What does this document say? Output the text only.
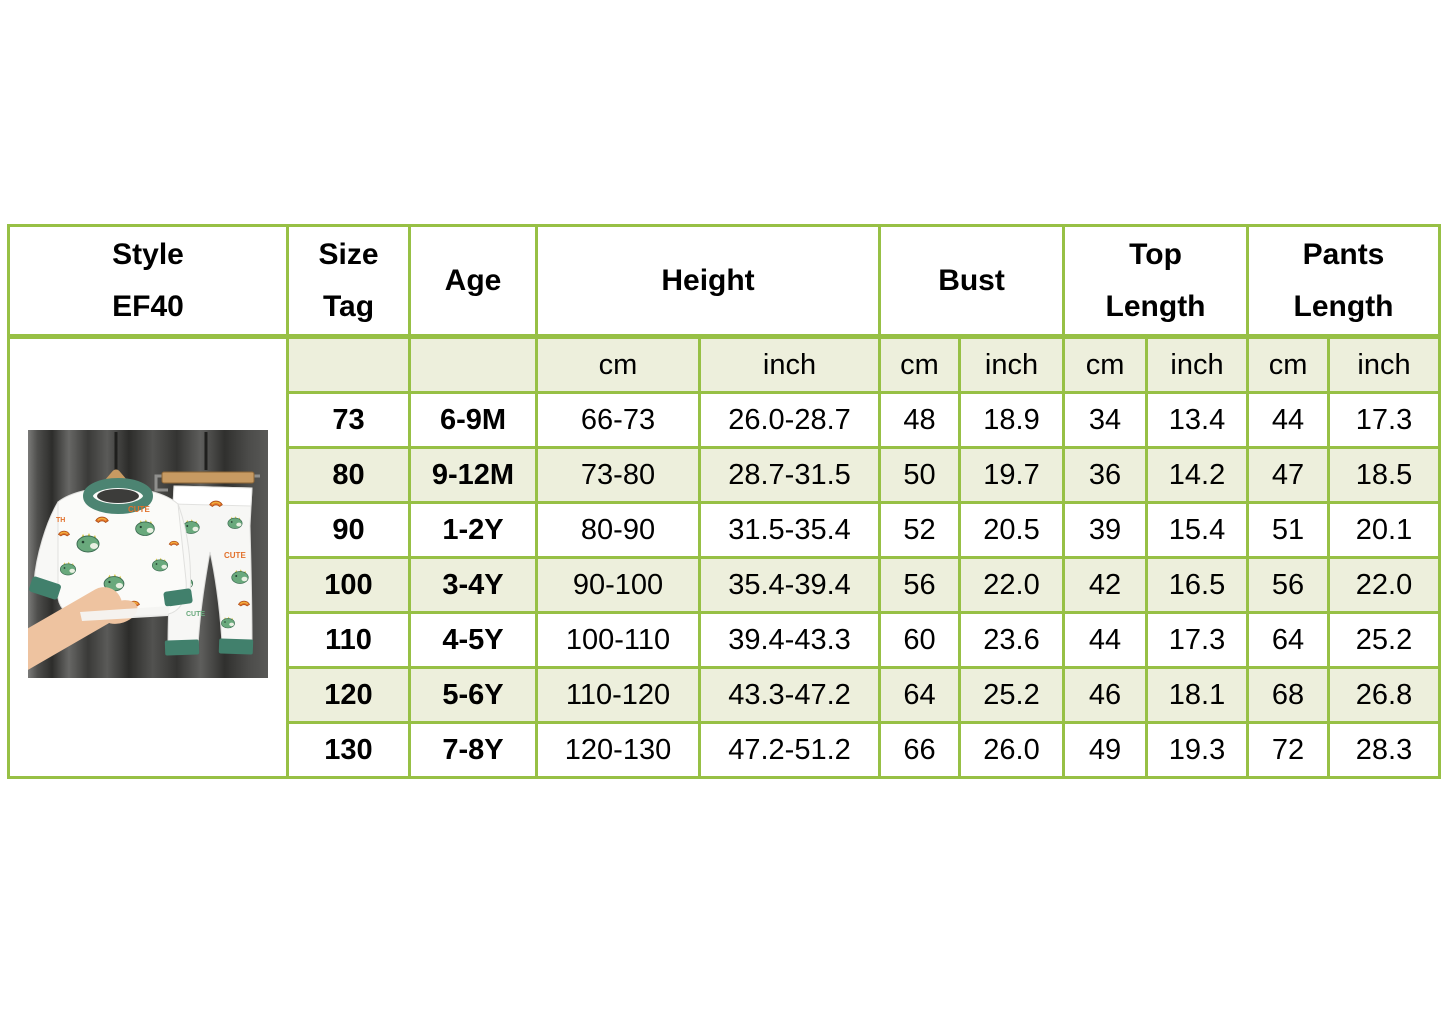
Style
EF40	Size Tag	Age	Height		Bust		Top Length		Pants Length	

CUTE
CUTE
CUTE
TH			cm	inch	cm	inch	cm	inch	cm	inch
	73	6-9M	66-73	26.0-28.7	48	18.9	34	13.4	44	17.3
	80	9-12M	73-80	28.7-31.5	50	19.7	36	14.2	47	18.5
	90	1-2Y	80-90	31.5-35.4	52	20.5	39	15.4	51	20.1
	100	3-4Y	90-100	35.4-39.4	56	22.0	42	16.5	56	22.0
	110	4-5Y	100-110	39.4-43.3	60	23.6	44	17.3	64	25.2
	120	5-6Y	110-120	43.3-47.2	64	25.2	46	18.1	68	26.8
	130	7-8Y	120-130	47.2-51.2	66	26.0	49	19.3	72	28.3
